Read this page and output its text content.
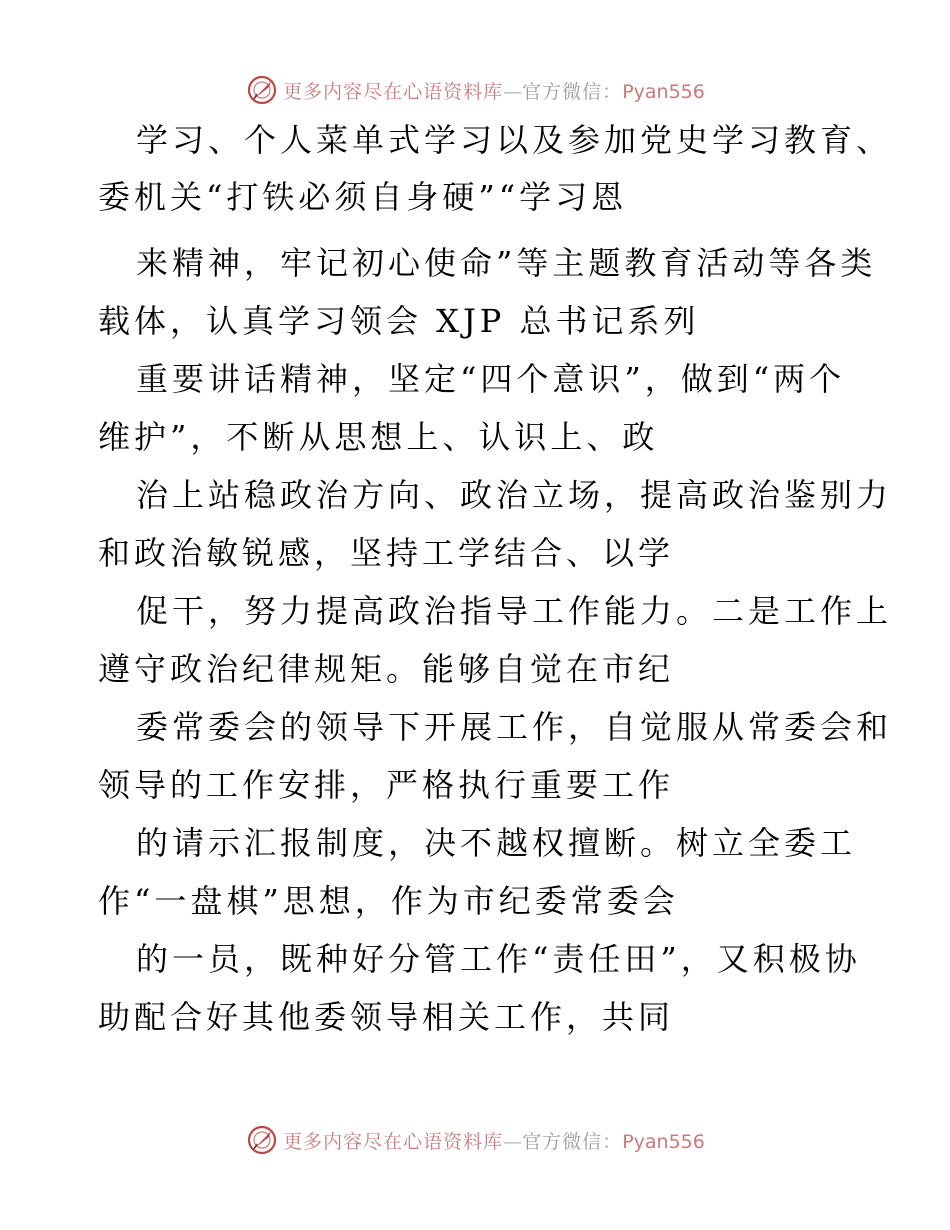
更多内容尽在心语资料库—官方微信：Pyan556
学习、个人菜单式学习以及参加党史学习教育、
委机关“打铁必须自身硬”“学习恩
来精神，牢记初心使命”等主题教育活动等各类
载体，认真学习领会 XJP 总书记系列
重要讲话精神，坚定“四个意识”，做到“两个
维护”，不断从思想上、认识上、政
治上站稳政治方向、政治立场，提高政治鉴别力
和政治敏锐感，坚持工学结合、以学
促干，努力提高政治指导工作能力。二是工作上
遵守政治纪律规矩。能够自觉在市纪
委常委会的领导下开展工作，自觉服从常委会和
领导的工作安排，严格执行重要工作
的请示汇报制度，决不越权擅断。树立全委工
作“一盘棋”思想，作为市纪委常委会
的一员，既种好分管工作“责任田”，又积极协
助配合好其他委领导相关工作，共同
更多内容尽在心语资料库—官方微信：Pyan556
